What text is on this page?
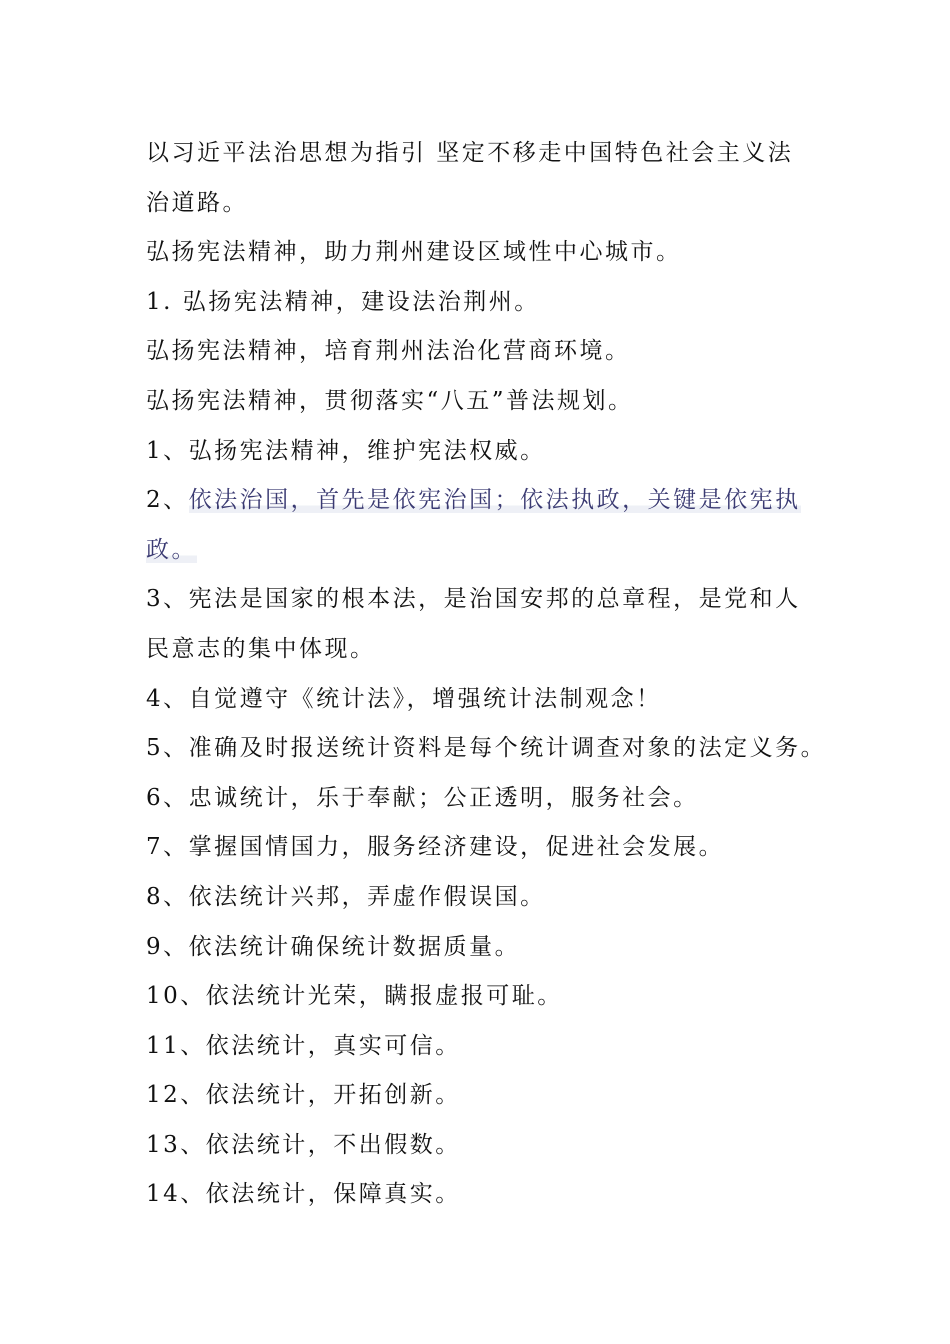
以习近平法治思想为指引 坚定不移走中国特色社会主义法
治道路。
弘扬宪法精神，助力荆州建设区域性中心城市。
1. 弘扬宪法精神，建设法治荆州。
弘扬宪法精神，培育荆州法治化营商环境。
弘扬宪法精神，贯彻落实“八五”普法规划。
1、弘扬宪法精神，维护宪法权威。
2、依法治国，首先是依宪治国；依法执政，关键是依宪执
政。
3、宪法是国家的根本法，是治国安邦的总章程，是党和人
民意志的集中体现。
4、自觉遵守《统计法》，增强统计法制观念！
5、准确及时报送统计资料是每个统计调查对象的法定义务。
6、忠诚统计，乐于奉献；公正透明，服务社会。
7、掌握国情国力，服务经济建设，促进社会发展。
8、依法统计兴邦，弄虚作假误国。
9、依法统计确保统计数据质量。
10、依法统计光荣，瞒报虚报可耻。
11、依法统计，真实可信。
12、依法统计，开拓创新。
13、依法统计，不出假数。
14、依法统计，保障真实。
